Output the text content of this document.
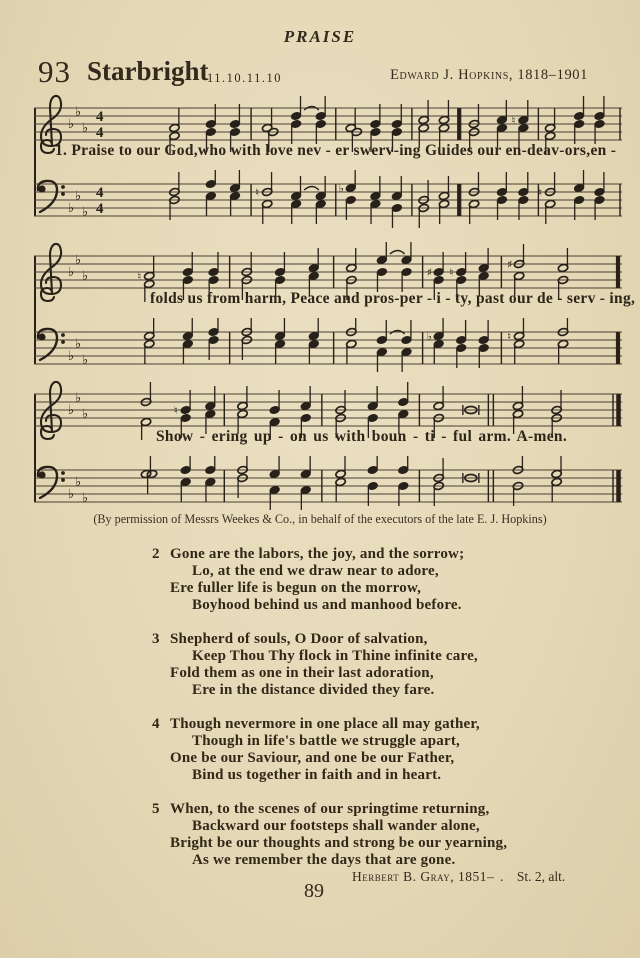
PRAISE
93 Starbright
11.10.11.10	Edward J. Hopkins, 1818–1901
♭
♭
♭
4
4
♮
1. Praise to our God,who with love nev - er swerv-ing Guides our en-deav-ors,en -
♭
♭
♭
4
4
♮	♭	♮
♭
♭
♭	♮	♯ ♮
♯
folds us from harm, Peace and pros-per - i - ty, past our de - serv - ing,
♭
♭
♭
♭	♮
♭
♭
♭	♮
Show - ering up - on us with boun - ti - ful arm. A-men.
♭
♭
♭
(By permission of Messrs Weekes & Co., in behalf of the executors of the late E. J. Hopkins)
2 Gone are the labors, the joy, and the sorrow;
Lo, at the end we draw near to adore,
Ere fuller life is begun on the morrow,
Boyhood behind us and manhood before.
3 Shepherd of souls, O Door of salvation,
Keep Thou Thy flock in Thine infinite care,
Fold them as one in their last adoration,
Ere in the distance divided they fare.
4 Though nevermore in one place all may gather,
Though in life's battle we struggle apart,
One be our Saviour, and one be our Father,
Bind us together in faith and in heart.
5 When, to the scenes of our springtime returning,
Backward our footsteps shall wander alone,
Bright be our thoughts and strong be our yearning,
As we remember the days that are gone.
Herbert B. Gray, 1851– .    St. 2, alt.
89
